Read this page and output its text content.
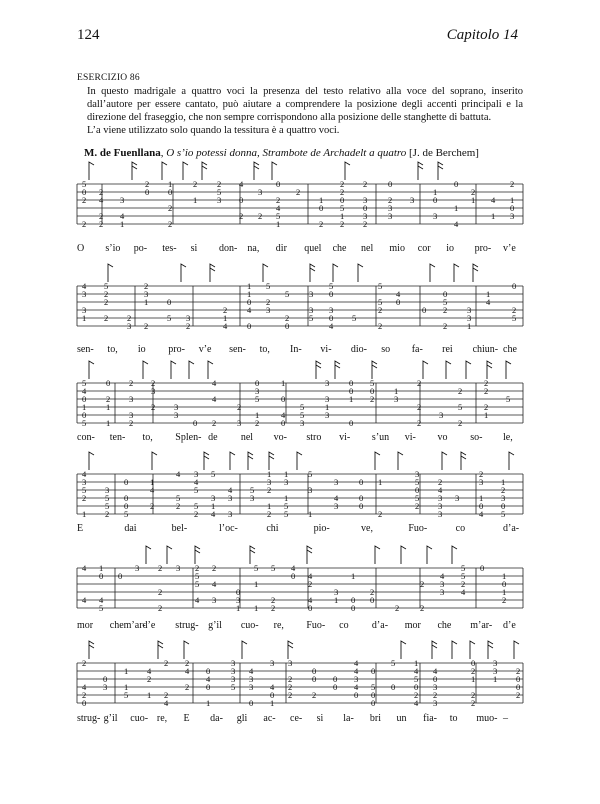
124	Capitolo 14
ESERCIZIO 86

In questo madrigale a quattro voci la presenza del testo relativo alla voce del soprano, inserito dall’autore per essere cantato, può aiutare a comprendere la posizione degli accenti principali e la direzione del fraseggio, che non sempre corrispondono alla posizione delle stanghette di battuta.

L’a viene utilizzato solo quando la tessitura è a quattro voci.

M. de Fuenllana, O s’io potessi donna, Strambote de Archadelt a quatro [J. de Berchem]
5
0
2
2
2
4
2
2
3
4
1
2
0
1
0
2
2
2
1
2
5
3
4
0
2
3
2
0
2
4
5
1
2
1
0
2
2
2
0
5
1
2
2
3
0
3
2
0
2
3
3
3
1
0
3
0
1
4
2
1 4
1
2
1
0
3
4
3
3
1
5
2
2
2 2
3
2
3
1
2
0
5 3
2
2
1
4
1
1
0
4
0
5
2
3
5
2
0
3
3
5
5
0
3
0
4
5
5
5
2
2
4
0
0
0
5
2
2
3
3
1
1
4
0
2
5
5
4
0
1
0
5
0
2
1
1
2
3
3
2
2
3
2 3
3
0
4
4
2
2
3
0
3
5
1
2
1
0
4
0
5
5
3
3
3
1
3
0
0
1
0
5
0
2
1
3
2
2
2
3
2
5
2
2
2
2
1
5
4
3
5
2
1
3
5
5
2
0
0
0
5
1
4
2
4
5
2
3
4
5
5
2
5
3
1
4
4
3
3
5
3
1
3
2
1
2
1
3
1
5
5
5
3
1
3
4
3
0
0
0
1
2
3
5
0
5
2
2
4
3
3
3
3
2
3
1
0
4
1
2
3
0
5
4
4
1
0
4
5
0
3 2
2
2
3 2
5
5
4
2
4
3
0
3
1
5
1
1
5
2
2
4
0 4
2
4
0
3
1
1
0
0
2
0
2
2
2
4
3
3
5
5
2
4
0
1
0
1
2
2
4
2
0
0
3
1
1
5
4
2
1
2
2
4
2
4
2
0
4
0
1
3
3
3
5
4
3
3
0
3
4
0
1
3
2
2
2
0
0
2
0
0
4
4
3
4
0
0
5
0
0
5
0
1
4
5
0
2
4
4
0
3
2
3
0
2
1
2
2
3
3
1
2
0
0
2
O s’io po- tes- si don- na, dir quel che nel mio cor io pro- v’e
sen- to, io pro- v’e sen- to, In- vi- dio- so fa- rei chiun- che
con- ten- to, Splen- de nel vo- stro vi- s’un vi- vo so- le,
E	dai	bel-	l’oc-	chi	pio-	ve,	Fuo-	co	d’a-
mor chem’ar-
d’e strug- g’il cuo- re, Fuo- co d’a- mor che m’ar- d’e
strug- g’il cuo- re, E da- gli ac- ce- si la- bri un fia- to muo- –
